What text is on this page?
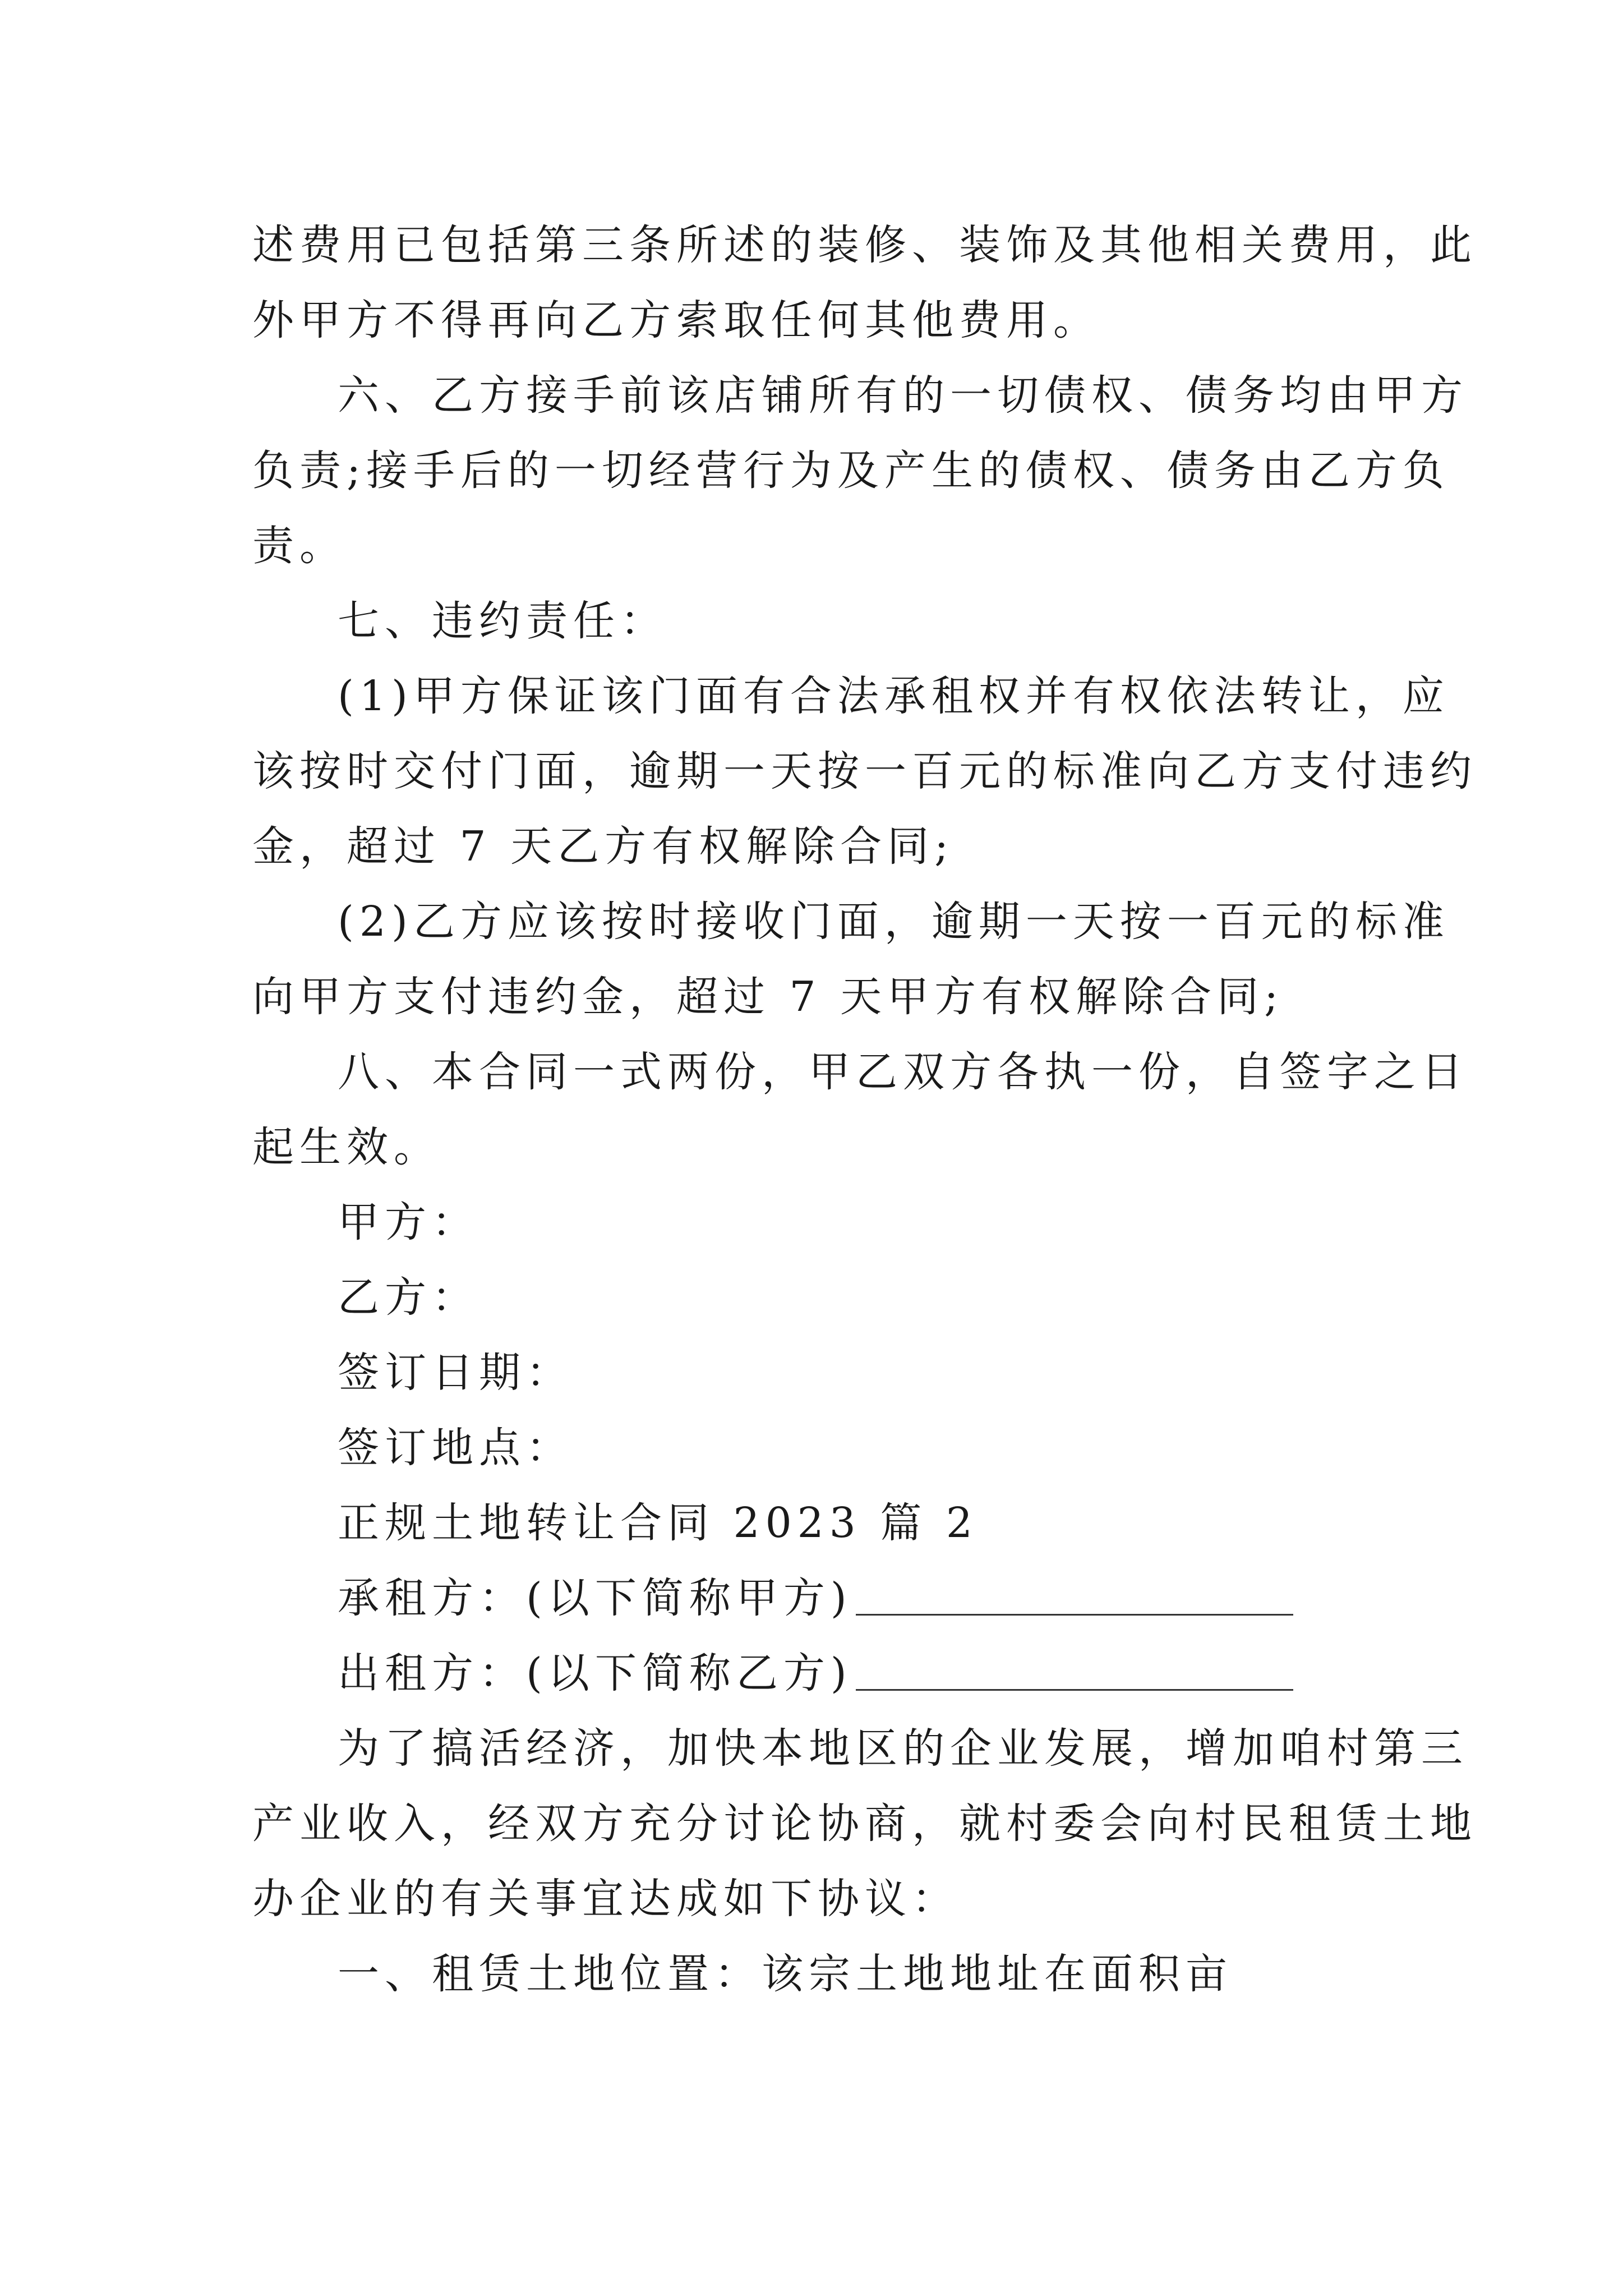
述费用已包括第三条所述的装修、装饰及其他相关费用，此
外甲方不得再向乙方索取任何其他费用。
六、乙方接手前该店铺所有的一切债权、债务均由甲方
负责;接手后的一切经营行为及产生的债权、债务由乙方负
责。
七、违约责任：
(1)甲方保证该门面有合法承租权并有权依法转让，应
该按时交付门面，逾期一天按一百元的标准向乙方支付违约
金，超过 7 天乙方有权解除合同;
(2)乙方应该按时接收门面，逾期一天按一百元的标准
向甲方支付违约金，超过 7 天甲方有权解除合同;
八、本合同一式两份，甲乙双方各执一份，自签字之日
起生效。
甲方：
乙方：
签订日期：
签订地点：
正规土地转让合同 2023 篇 2
承租方：(以下简称甲方)
出租方：(以下简称乙方)
为了搞活经济，加快本地区的企业发展，增加咱村第三
产业收入，经双方充分讨论协商，就村委会向村民租赁土地
办企业的有关事宜达成如下协议：
一、租赁土地位置：该宗土地地址在面积亩
